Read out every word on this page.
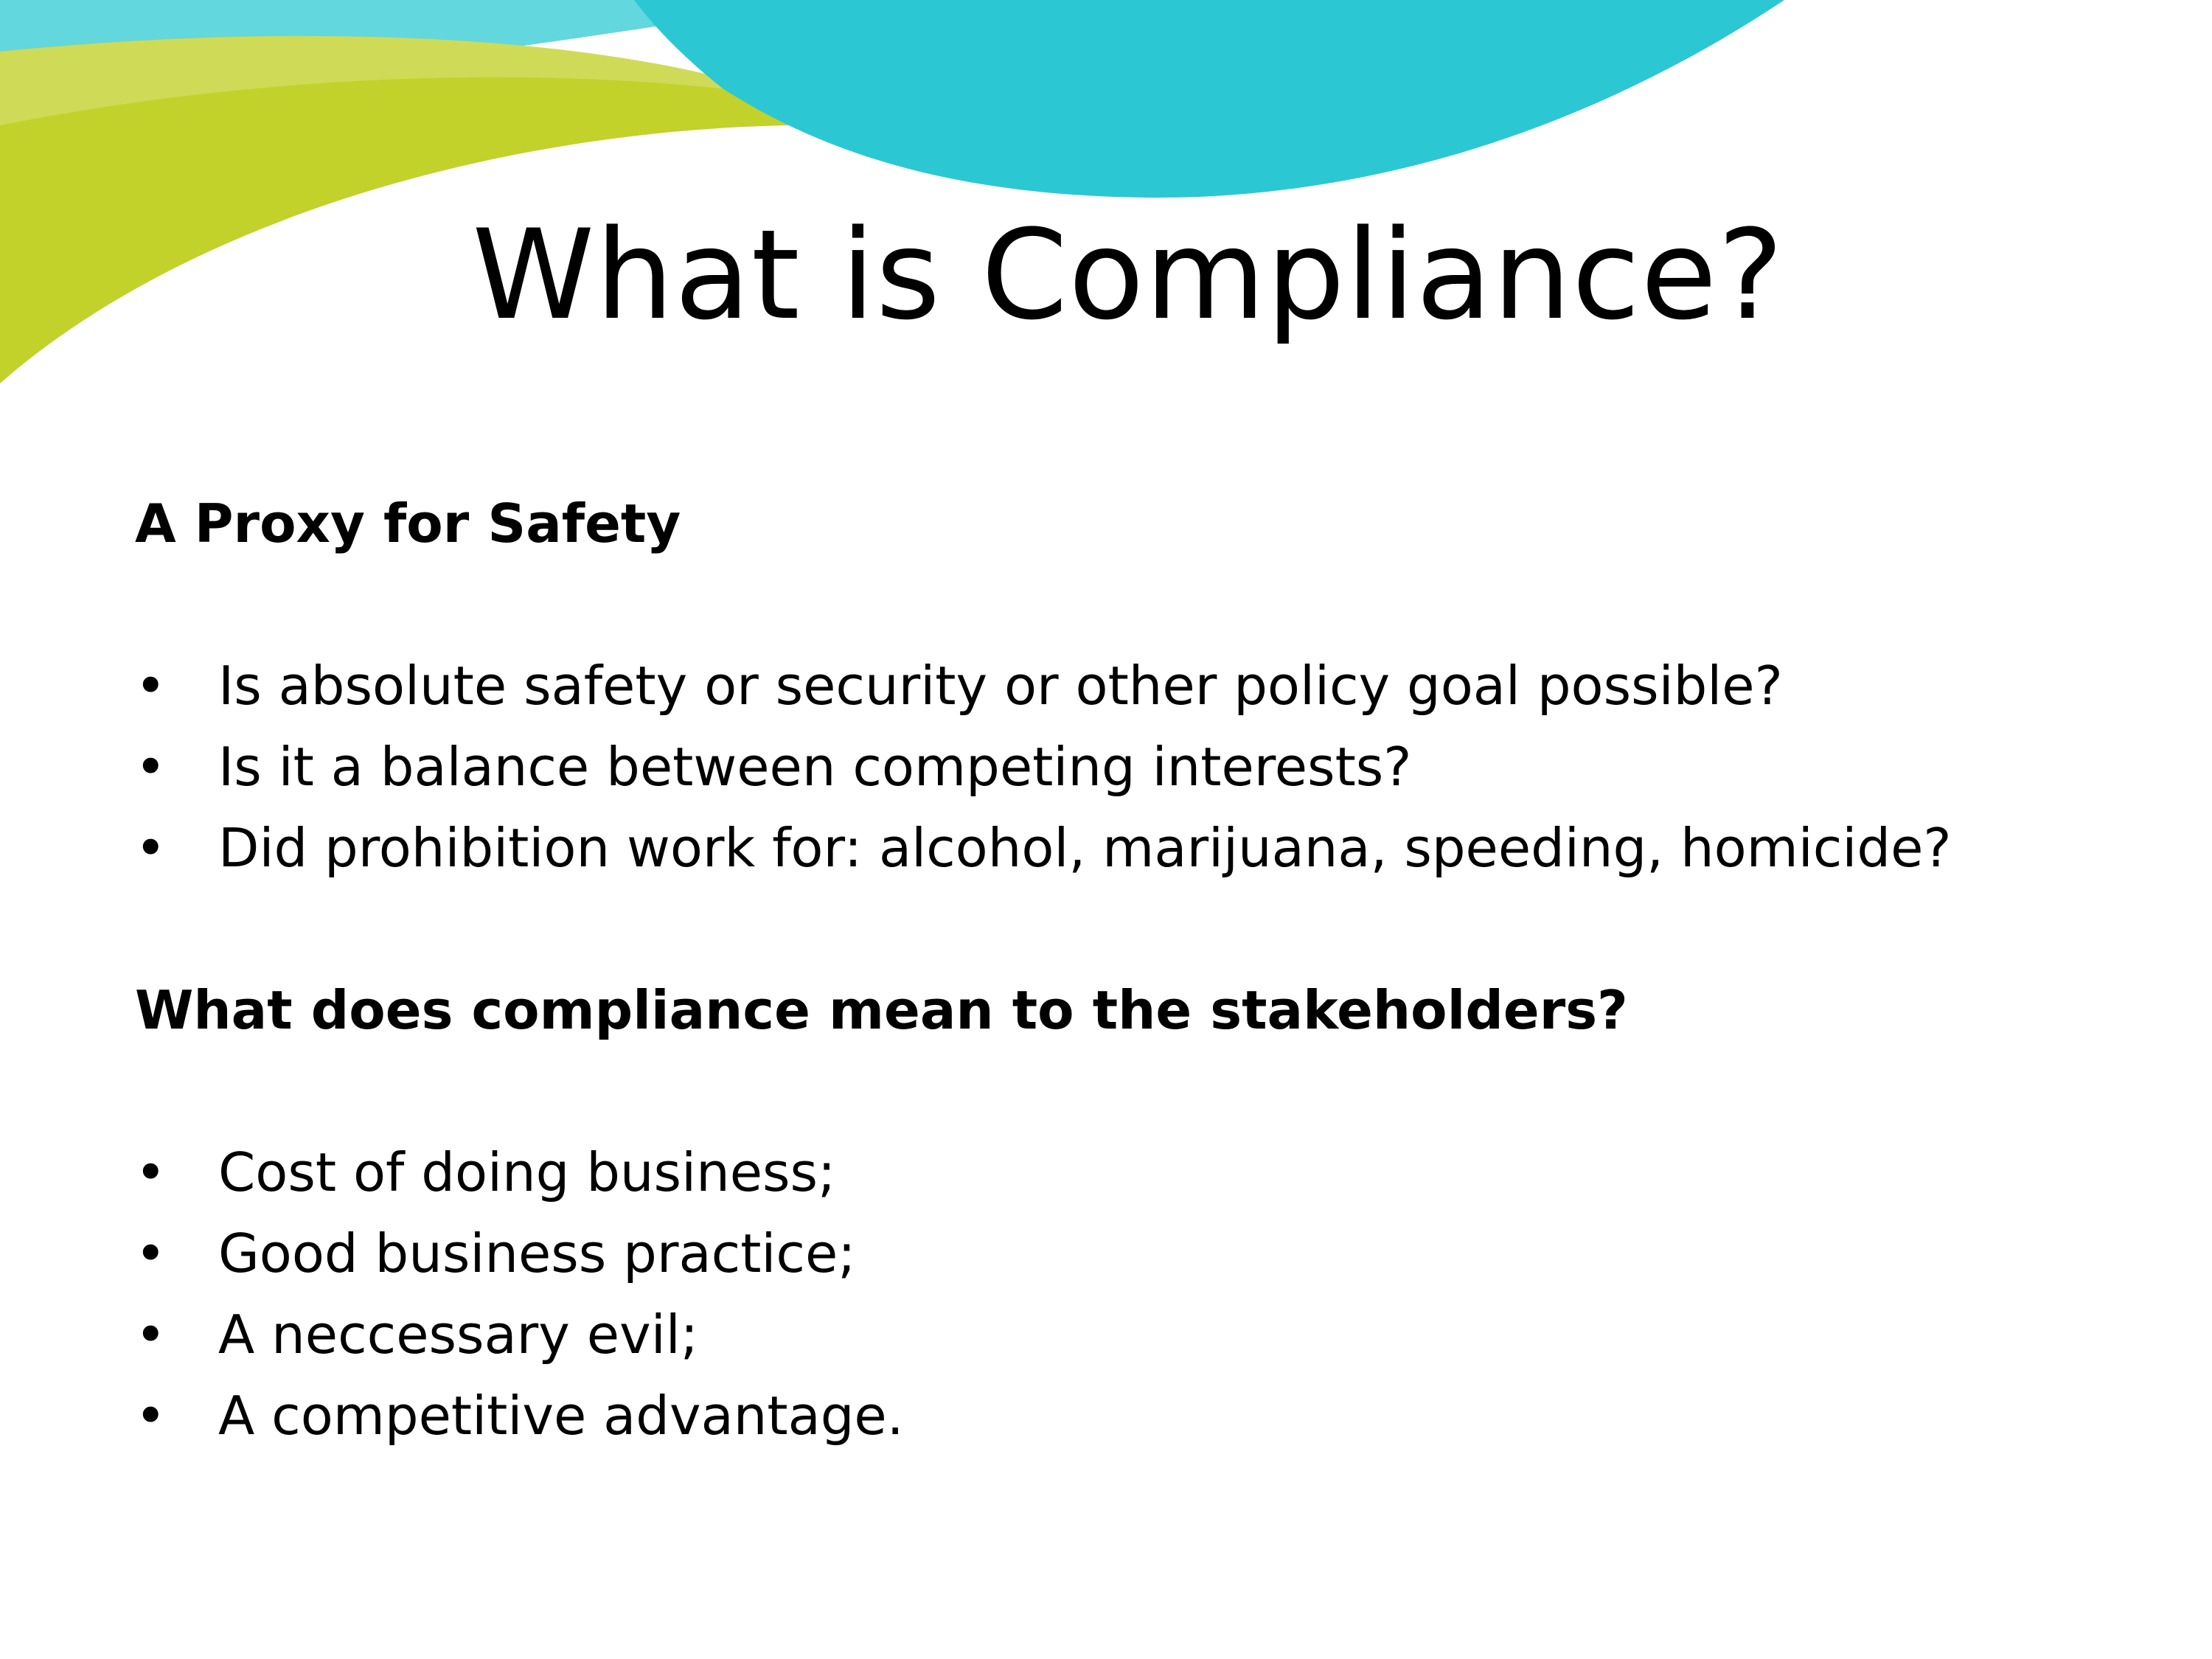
What is Compliance?
A Proxy for Safety
• Is absolute safety or security or other policy goal possible?
• Is it a balance between competing interests?
• Did prohibition work for: alcohol, marijuana, speeding, homicide?
What does compliance mean to the stakeholders?
• Cost of doing business;
• Good business practice;
• A neccessary evil;
• A competitive advantage.
